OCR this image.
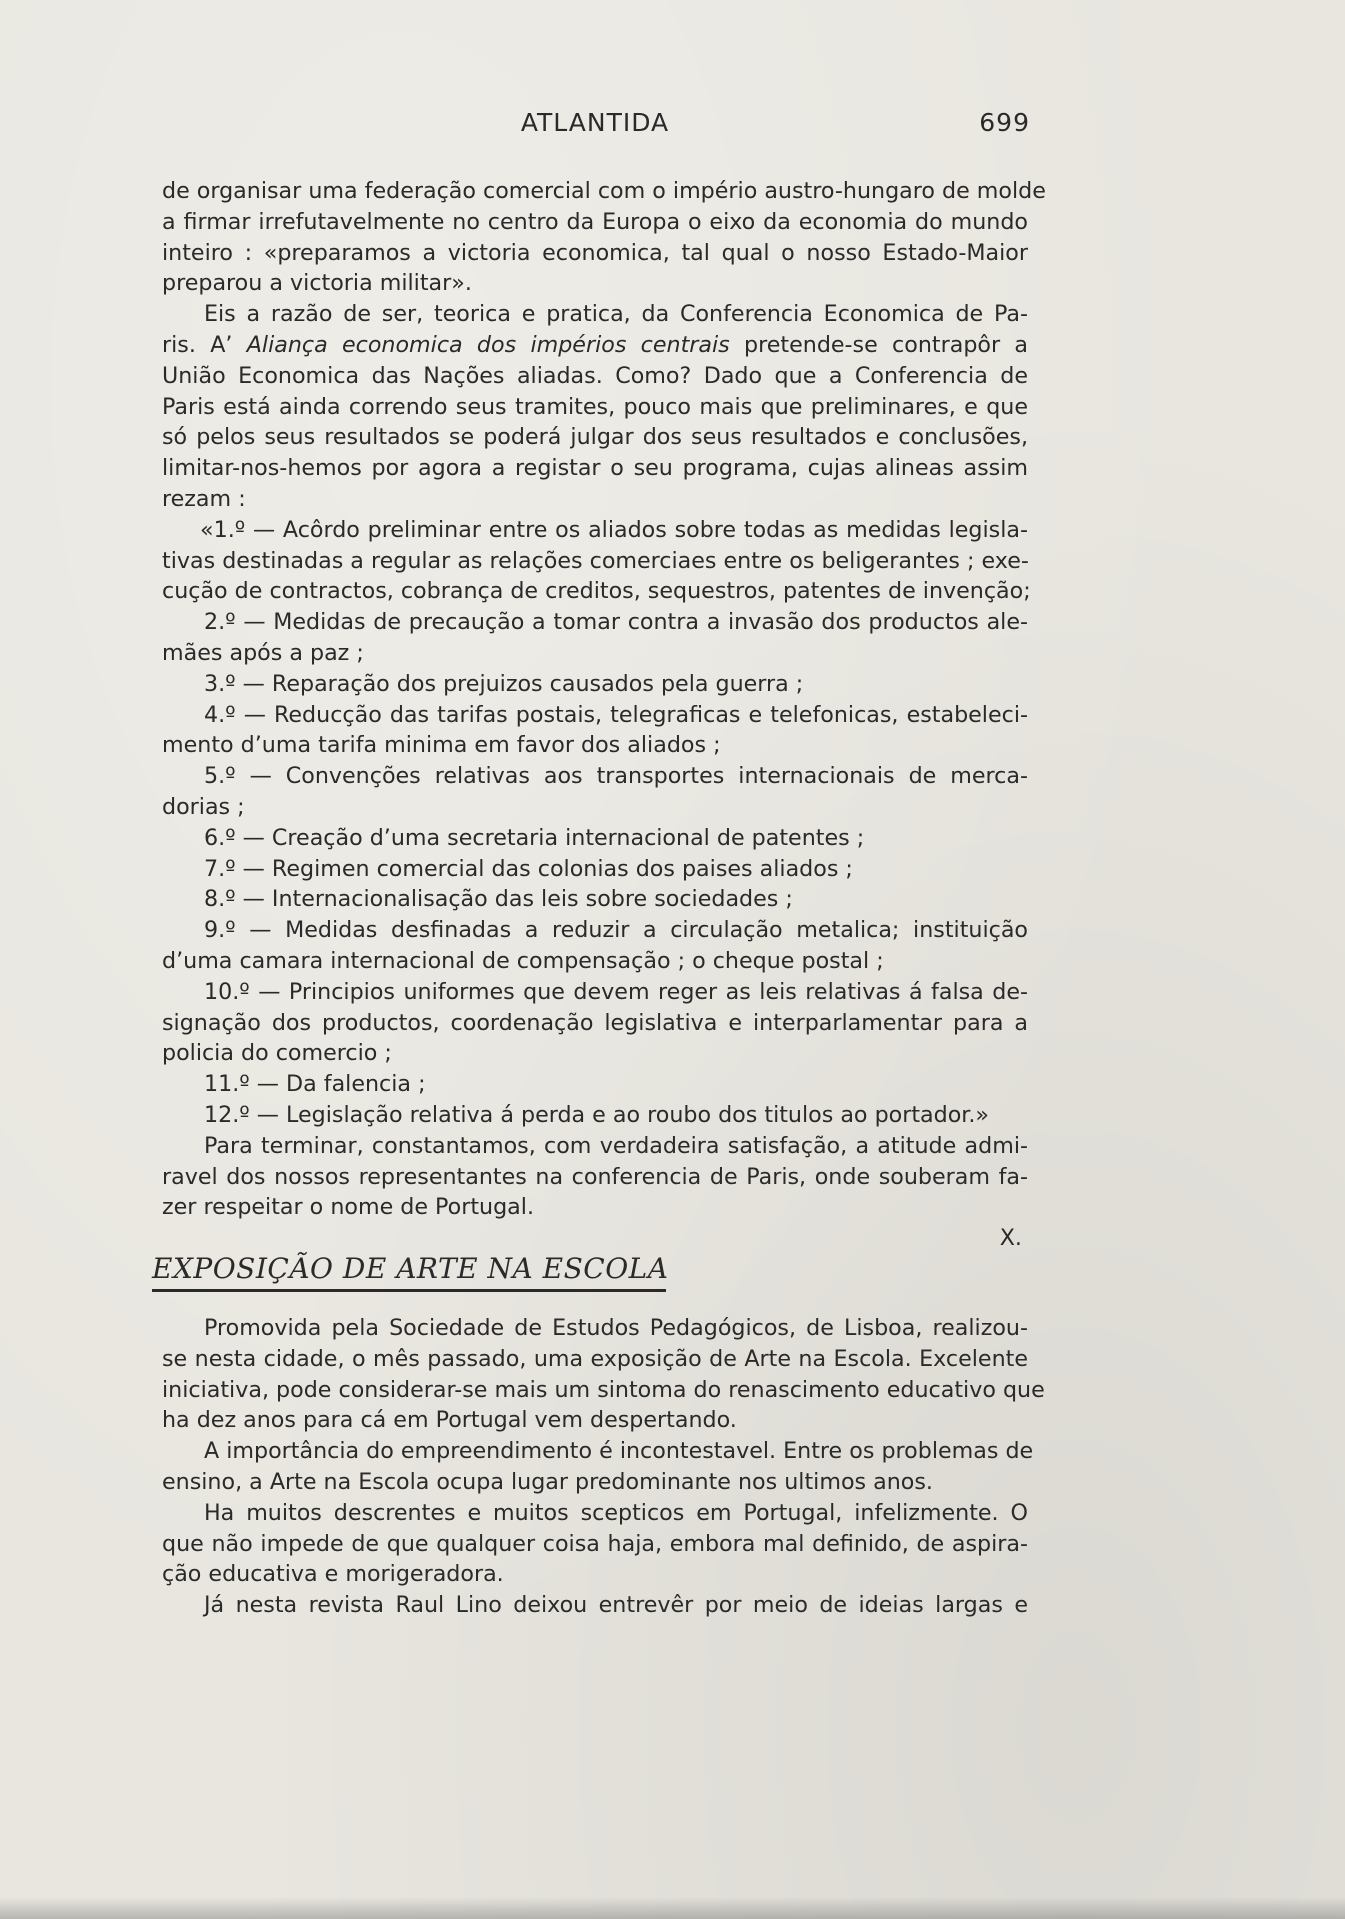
ATLANTIDA	699
de organisar uma federação comercial com o império austro-hungaro de molde
a firmar irrefutavelmente no centro da Europa o eixo da economia do mundo
inteiro : «preparamos a victoria economica, tal qual o nosso Estado-Maior
preparou a victoria militar».
Eis a razão de ser, teorica e pratica, da Conferencia Economica de Pa-
ris. A’ Aliança economica dos impérios centrais pretende-se contrapôr a
União Economica das Nações aliadas. Como? Dado que a Conferencia de
Paris está ainda correndo seus tramites, pouco mais que preliminares, e que
só pelos seus resultados se poderá julgar dos seus resultados e conclusões,
limitar-nos-hemos por agora a registar o seu programa, cujas alineas assim
rezam :
«1.º — Acôrdo preliminar entre os aliados sobre todas as medidas legisla-
tivas destinadas a regular as relações comerciaes entre os beligerantes ; exe-
cução de contractos, cobrança de creditos, sequestros, patentes de invenção;
2.º — Medidas de precaução a tomar contra a invasão dos productos ale-
mães após a paz ;
3.º — Reparação dos prejuizos causados pela guerra ;
4.º — Reducção das tarifas postais, telegraficas e telefonicas, estabeleci-
mento d’uma tarifa minima em favor dos aliados ;
5.º — Convenções relativas aos transportes internacionais de merca-
dorias ;
6.º — Creação d’uma secretaria internacional de patentes ;
7.º — Regimen comercial das colonias dos paises aliados ;
8.º — Internacionalisação das leis sobre sociedades ;
9.º — Medidas desfinadas a reduzir a circulação metalica; instituição
d’uma camara internacional de compensação ; o cheque postal ;
10.º — Principios uniformes que devem reger as leis relativas á falsa de-
signação dos productos, coordenação legislativa e interparlamentar para a
policia do comercio ;
11.º — Da falencia ;
12.º — Legislação relativa á perda e ao roubo dos titulos ao portador.»
Para terminar, constantamos, com verdadeira satisfação, a atitude admi-
ravel dos nossos representantes na conferencia de Paris, onde souberam fa-
zer respeitar o nome de Portugal.
X.
EXPOSIÇÃO DE ARTE NA ESCOLA
Promovida pela Sociedade de Estudos Pedagógicos, de Lisboa, realizou-
se nesta cidade, o mês passado, uma exposição de Arte na Escola. Excelente
iniciativa, pode considerar-se mais um sintoma do renascimento educativo que
ha dez anos para cá em Portugal vem despertando.
A importância do empreendimento é incontestavel. Entre os problemas de
ensino, a Arte na Escola ocupa lugar predominante nos ultimos anos.
Ha muitos descrentes e muitos scepticos em Portugal, infelizmente. O
que não impede de que qualquer coisa haja, embora mal definido, de aspira-
ção educativa e morigeradora.
Já nesta revista Raul Lino deixou entrevêr por meio de ideias largas e
